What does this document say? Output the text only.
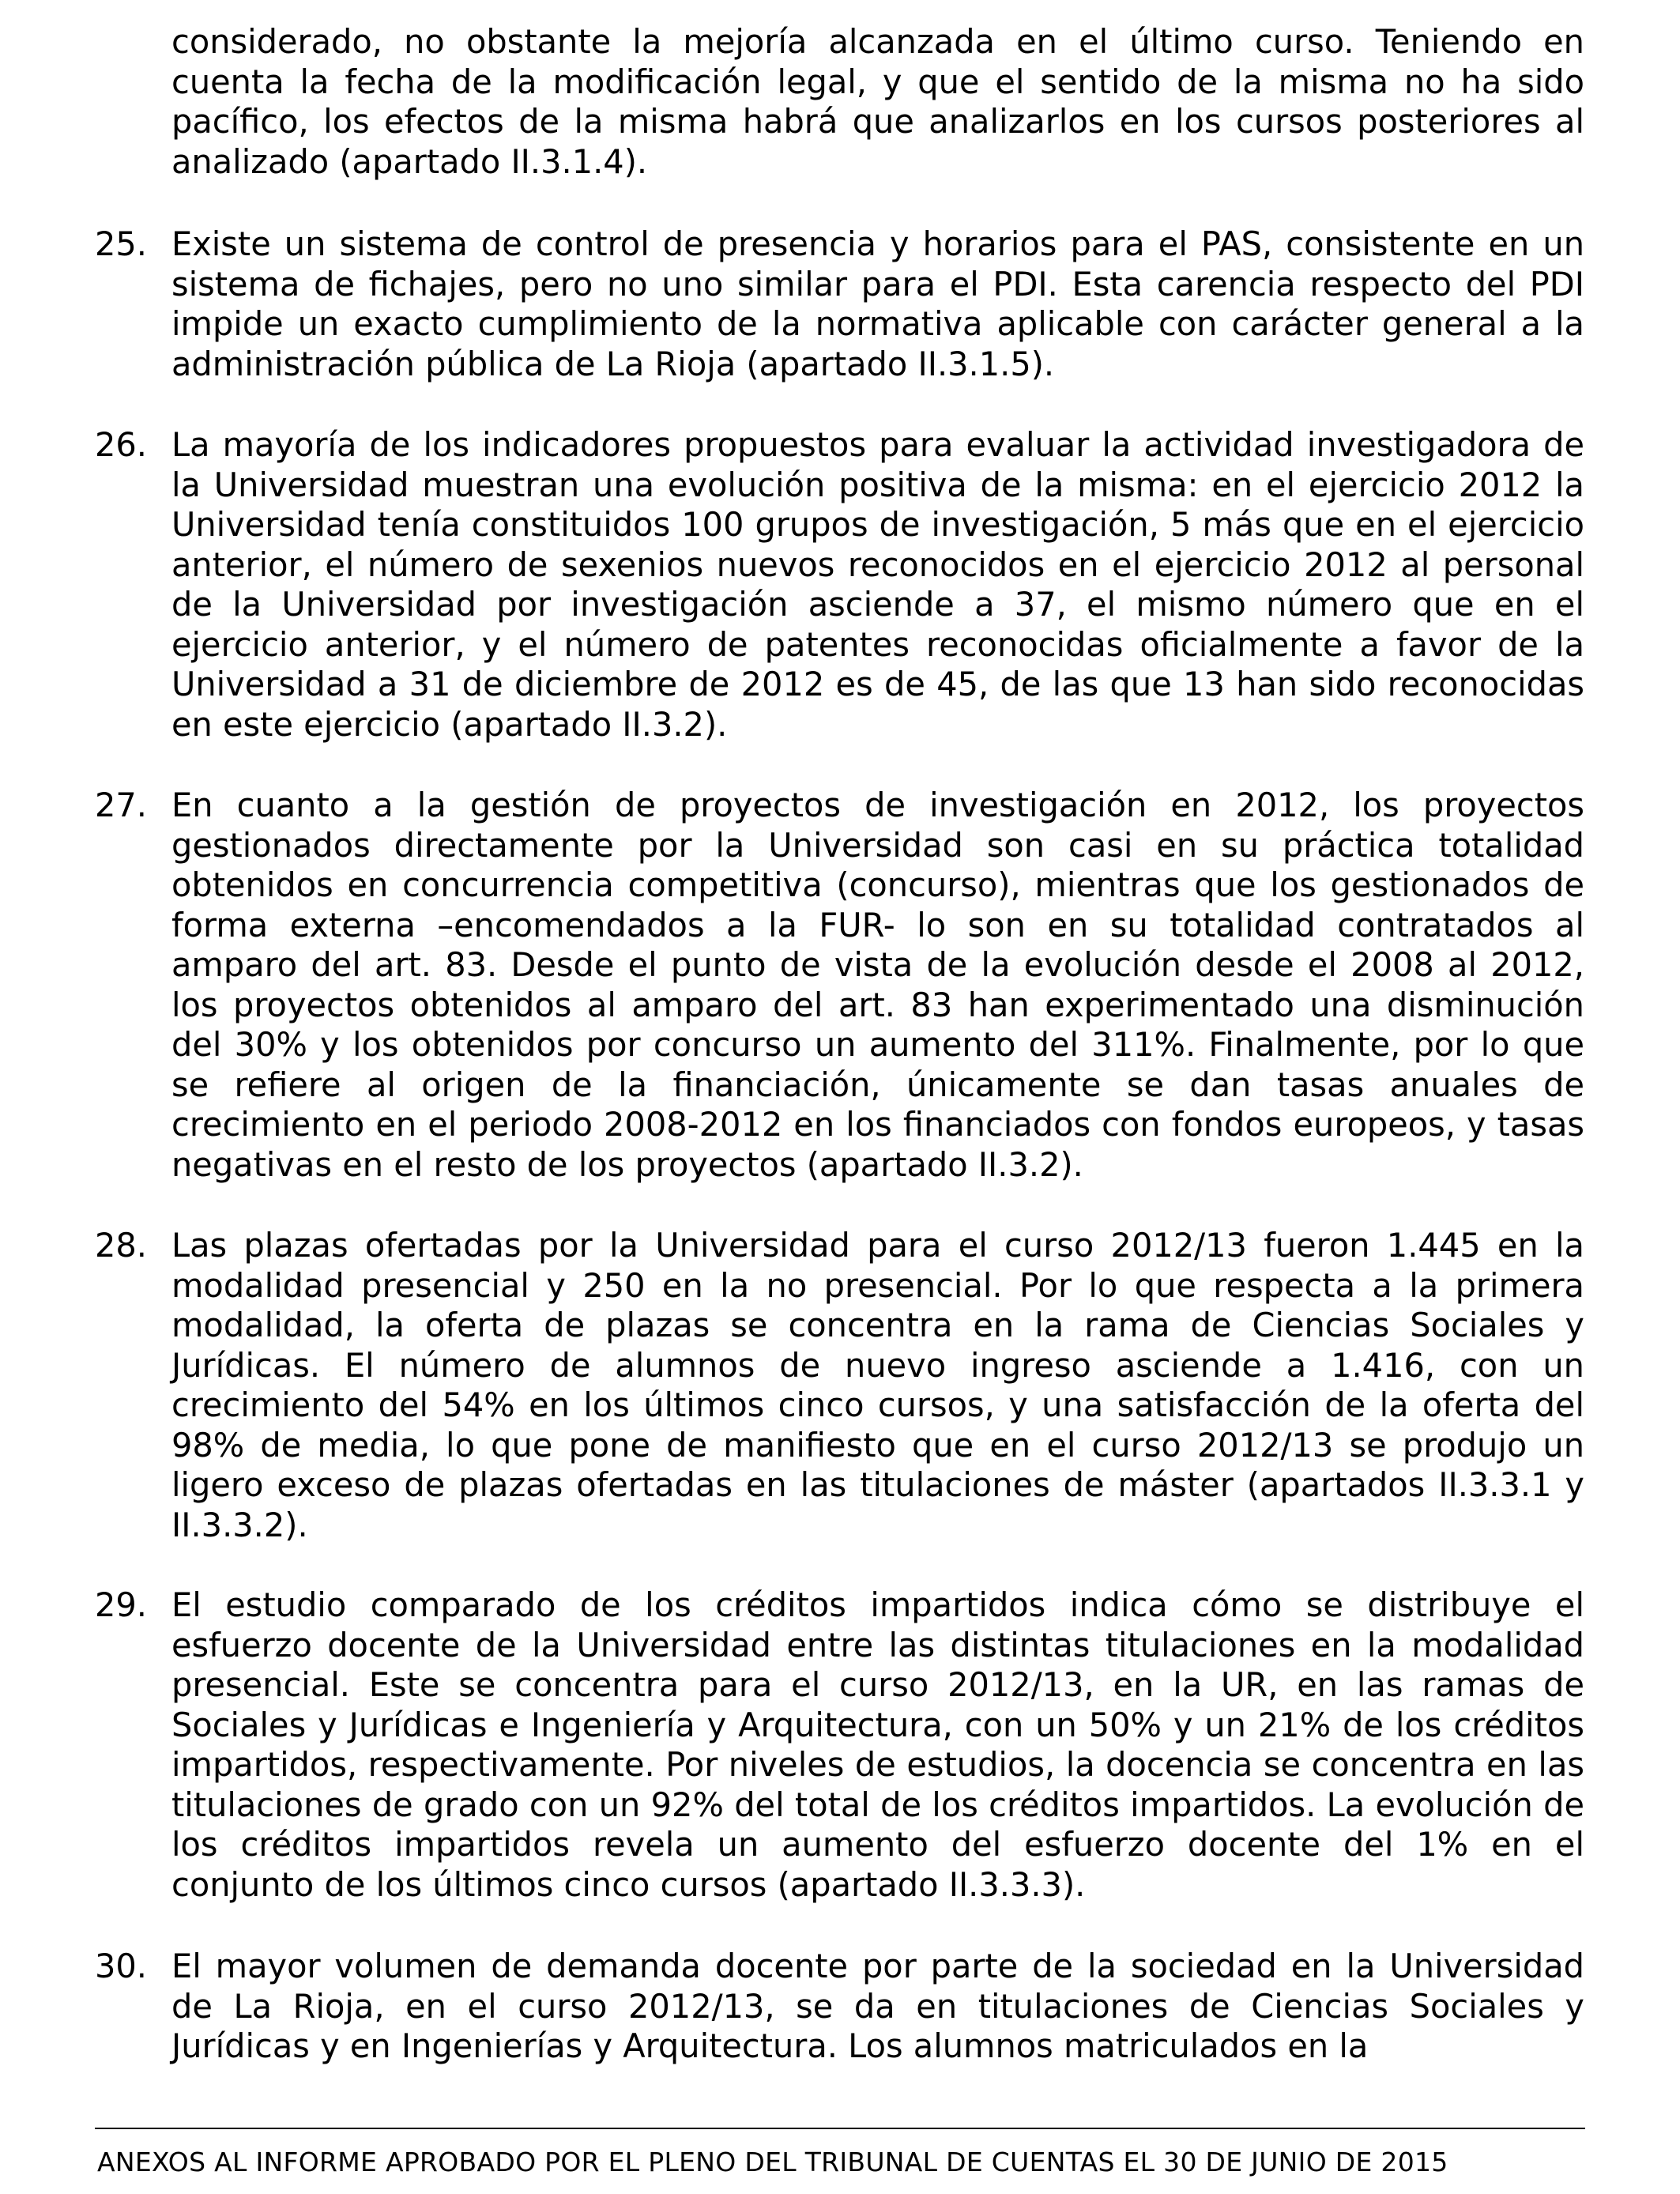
considerado, no obstante la mejoría alcanzada en el último curso. Teniendo en cuenta la fecha de la modificación legal, y que el sentido de la misma no ha sido pacífico, los efectos de la misma habrá que analizarlos en los cursos posteriores al analizado (apartado II.3.1.4).

25. Existe un sistema de control de presencia y horarios para el PAS, consistente en un sistema de fichajes, pero no uno similar para el PDI. Esta carencia respecto del PDI impide un exacto cumplimiento de la normativa aplicable con carácter general a la administración pública de La Rioja (apartado II.3.1.5).

26. La mayoría de los indicadores propuestos para evaluar la actividad investigadora de la Universidad muestran una evolución positiva de la misma: en el ejercicio 2012 la Universidad tenía constituidos 100 grupos de investigación, 5 más que en el ejercicio anterior, el número de sexenios nuevos reconocidos en el ejercicio 2012 al personal de la Universidad por investigación asciende a 37, el mismo número que en el ejercicio anterior, y el número de patentes reconocidas oficialmente a favor de la Universidad a 31 de diciembre de 2012 es de 45, de las que 13 han sido reconocidas en este ejercicio (apartado II.3.2).

27. En cuanto a la gestión de proyectos de investigación en 2012, los proyectos gestionados directamente por la Universidad son casi en su práctica totalidad obtenidos en concurrencia competitiva (concurso), mientras que los gestionados de forma externa –encomendados a la FUR- lo son en su totalidad contratados al amparo del art. 83. Desde el punto de vista de la evolución desde el 2008 al 2012, los proyectos obtenidos al amparo del art. 83 han experimentado una disminución del 30% y los obtenidos por concurso un aumento del 311%. Finalmente, por lo que se refiere al origen de la financiación, únicamente se dan tasas anuales de crecimiento en el periodo 2008-2012 en los financiados con fondos europeos, y tasas negativas en el resto de los proyectos (apartado II.3.2).

28. Las plazas ofertadas por la Universidad para el curso 2012/13 fueron 1.445 en la modalidad presencial y 250 en la no presencial. Por lo que respecta a la primera modalidad, la oferta de plazas se concentra en la rama de Ciencias Sociales y Jurídicas. El número de alumnos de nuevo ingreso asciende a 1.416, con un crecimiento del 54% en los últimos cinco cursos, y una satisfacción de la oferta del 98% de media, lo que pone de manifiesto que en el curso 2012/13 se produjo un ligero exceso de plazas ofertadas en las titulaciones de máster (apartados II.3.3.1 y II.3.3.2).

29. El estudio comparado de los créditos impartidos indica cómo se distribuye el esfuerzo docente de la Universidad entre las distintas titulaciones en la modalidad presencial. Este se concentra para el curso 2012/13, en la UR, en las ramas de Sociales y Jurídicas e Ingeniería y Arquitectura, con un 50% y un 21% de los créditos impartidos, respectivamente. Por niveles de estudios, la docencia se concentra en las titulaciones de grado con un 92% del total de los créditos impartidos. La evolución de los créditos impartidos revela un aumento del esfuerzo docente del 1% en el conjunto de los últimos cinco cursos (apartado II.3.3.3).

30. El mayor volumen de demanda docente por parte de la sociedad en la Universidad de La Rioja, en el curso 2012/13, se da en titulaciones de Ciencias Sociales y Jurídicas y en Ingenierías y Arquitectura. Los alumnos matriculados en la

ANEXOS AL INFORME APROBADO POR EL PLENO DEL TRIBUNAL DE CUENTAS EL 30 DE JUNIO DE 2015
